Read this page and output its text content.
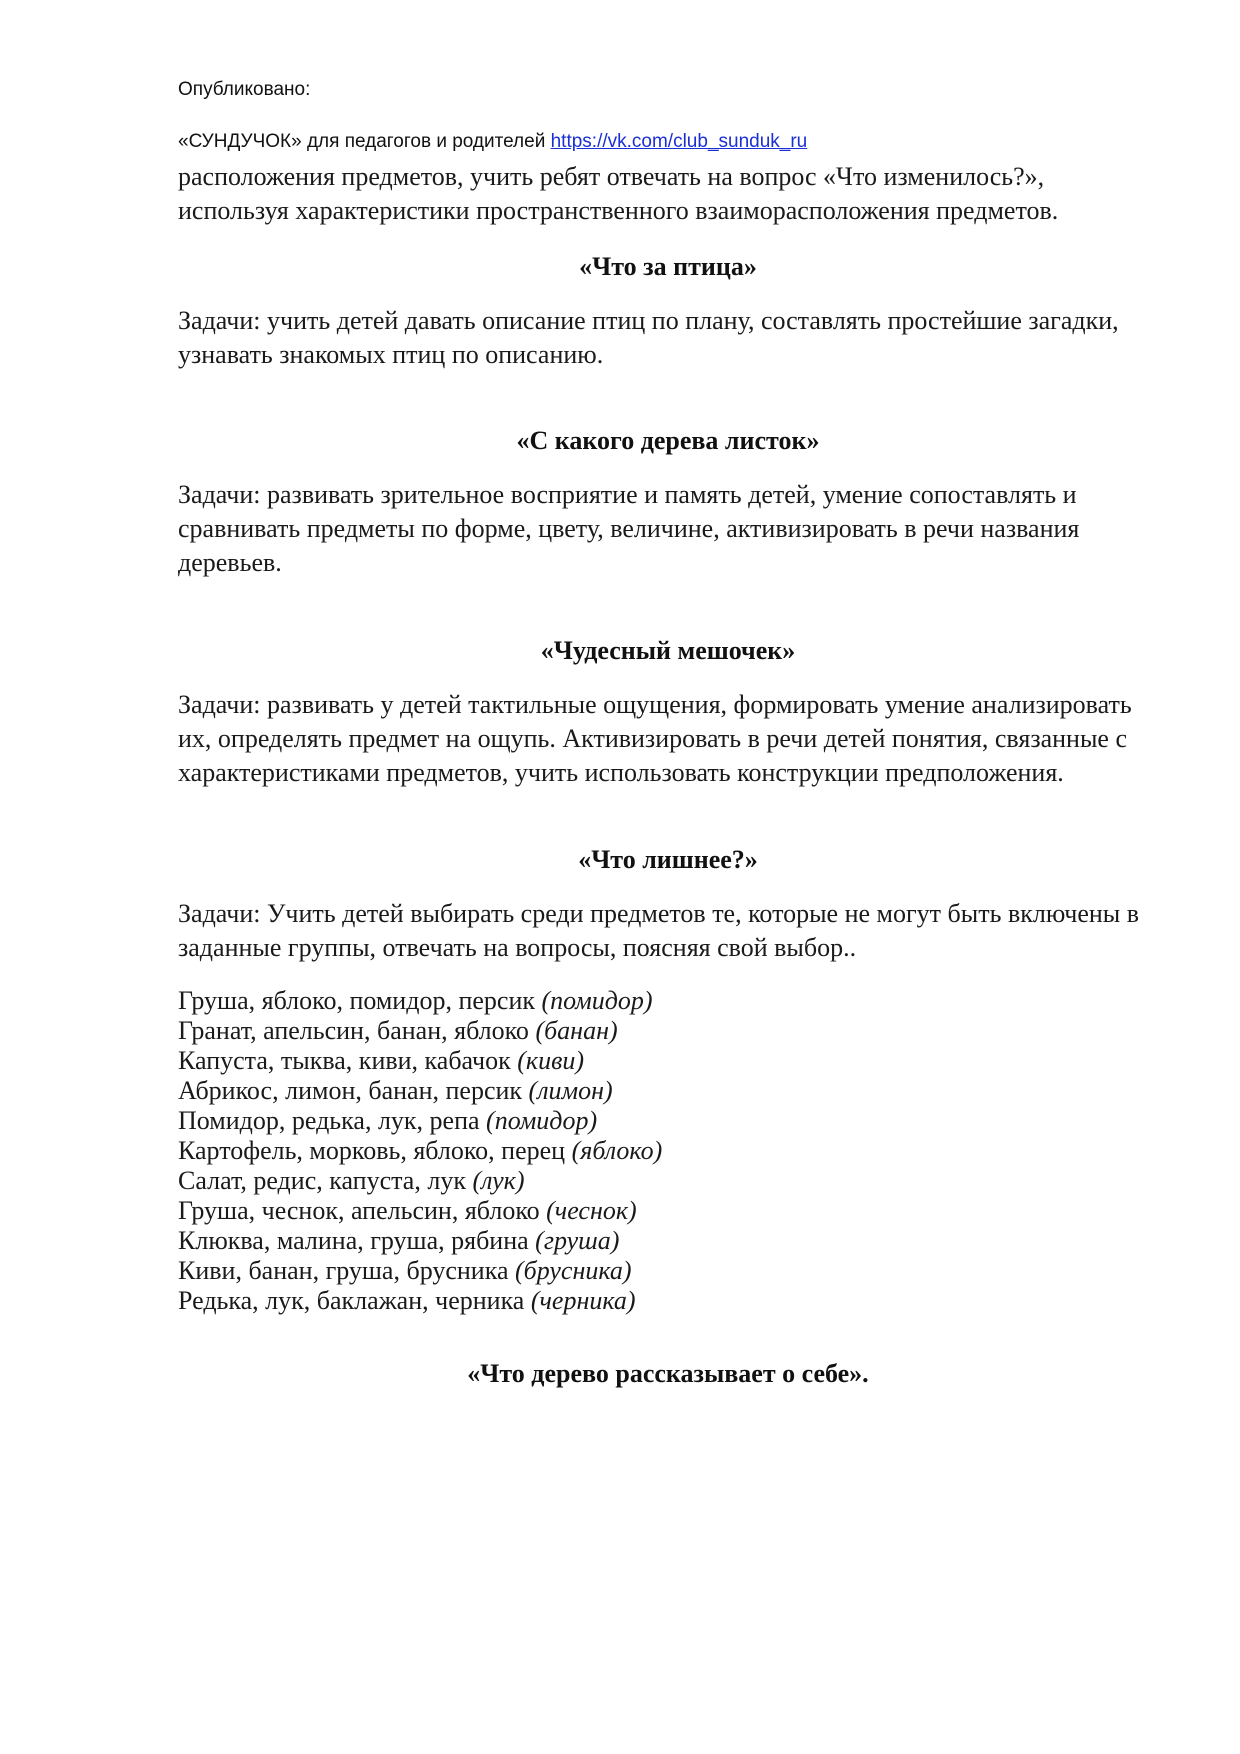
Опубликовано:
«СУНДУЧОК» для педагогов и родителей https://vk.com/club_sunduk_ru

расположения предметов, учить ребят отвечать на вопрос «Что изменилось?», используя характеристики пространственного взаиморасположения предметов.

«Что за птица»

Задачи: учить детей давать описание птиц по плану, составлять простейшие загадки, узнавать знакомых птиц по описанию.

«С какого дерева листок»

Задачи: развивать зрительное восприятие и память детей, умение сопоставлять и сравнивать предметы по форме, цвету, величине, активизировать в речи названия деревьев.

«Чудесный мешочек»

Задачи: развивать у детей тактильные ощущения, формировать умение анализировать их, определять предмет на ощупь. Активизировать в речи детей понятия, связанные с характеристиками предметов, учить использовать конструкции предположения.

«Что лишнее?»

Задачи: Учить детей выбирать среди предметов те, которые не могут быть включены в заданные группы, отвечать на вопросы, поясняя свой выбор..

Груша, яблоко, помидор, персик (помидор)
Гранат, апельсин, банан, яблоко (банан)
Капуста, тыква, киви, кабачок (киви)
Абрикос, лимон, банан, персик (лимон)
Помидор, редька, лук, репа (помидор)
Картофель, морковь, яблоко, перец (яблоко)
Салат, редис, капуста, лук (лук)
Груша, чеснок, апельсин, яблоко (чеснок)
Клюква, малина, груша, рябина (груша)
Киви, банан, груша, брусника (брусника)
Редька, лук, баклажан, черника (черника)
«Что дерево рассказывает о себе».
